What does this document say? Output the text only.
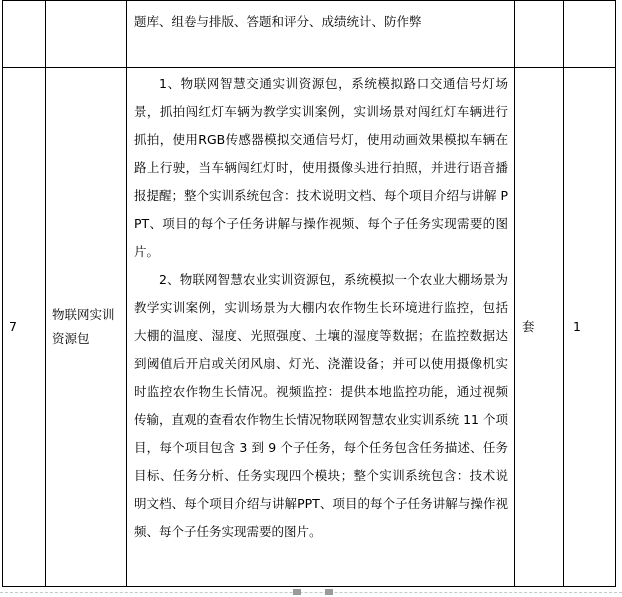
		题库、组卷与排版、答题和评分、成绩统计、防作弊		

7	物联网实训资源包	1、物联网智慧交通实训资源包，系统模拟路口交通信号灯场景，抓拍闯红灯车辆为教学实训案例，实训场景对闯红灯车辆进行抓拍，使用RGB传感器模拟交通信号灯，使用动画效果模拟车辆在路上行驶，当车辆闯红灯时，使用摄像头进行拍照，并进行语音播报提醒；整个实训系统包含：技术说明文档、每个项目介绍与讲解 PPT、项目的每个子任务讲解与操作视频、每个子任务实现需要的图片。

2、物联网智慧农业实训资源包，系统模拟一个农业大棚场景为教学实训案例，实训场景为大棚内农作物生长环境进行监控，包括大棚的温度、湿度、光照强度、土壤的湿度等数据；在监控数据达到阈值后开启或关闭风扇、灯光、浇灌设备；并可以使用摄像机实时监控农作物生长情况。视频监控：提供本地监控功能，通过视频传输，直观的查看农作物生长情况物联网智慧农业实训系统 11 个项目，每个项目包含 3 到 9 个子任务，每个任务包含任务描述、任务目标、任务分析、任务实现四个模块；整个实训系统包含：技术说明文档、每个项目介绍与讲解PPT、项目的每个子任务讲解与操作视频、每个子任务实现需要的图片。	套	1
